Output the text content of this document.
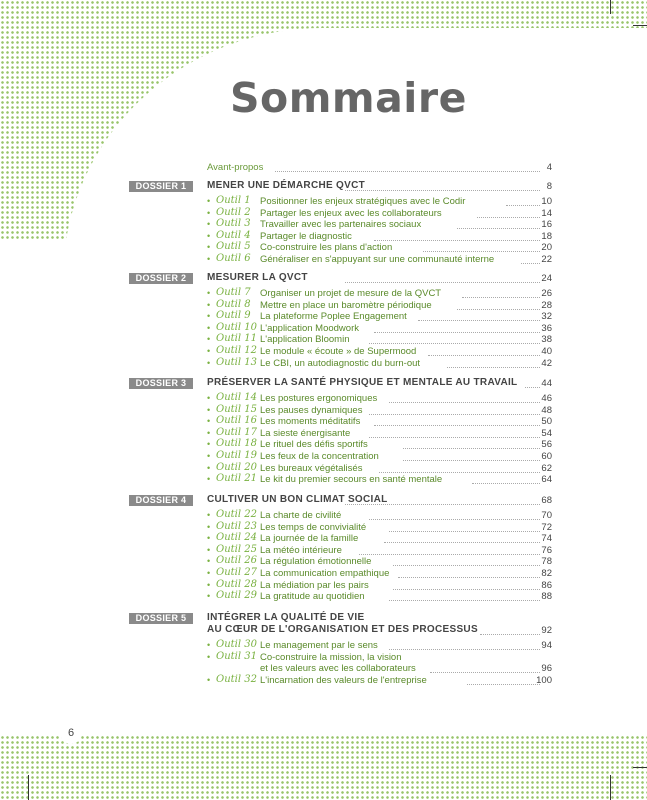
Sommaire
Avant-propos	4
DOSSIER 1	MENER UNE DÉMARCHE QVCT	8
• Outil 1 Positionner les enjeux stratégiques avec le Codir	10
• Outil 2 Partager les enjeux avec les collaborateurs	14
• Outil 3 Travailler avec les partenaires sociaux	16
• Outil 4 Partager le diagnostic	18
• Outil 5 Co-construire les plans d'action	20
• Outil 6 Généraliser en s'appuyant sur une communauté interne	22
DOSSIER 2	MESURER LA QVCT	24
• Outil 7 Organiser un projet de mesure de la QVCT	26
• Outil 8 Mettre en place un baromètre périodique	28
• Outil 9 La plateforme Poplee Engagement	32
• Outil 10 L'application Moodwork	36
• Outil 11 L'application Bloomin	38
• Outil 12 Le module « écoute » de Supermood	40
• Outil 13 Le CBI, un autodiagnostic du burn-out	42
DOSSIER 3	PRÉSERVER LA SANTÉ PHYSIQUE ET MENTALE AU TRAVAIL	44
• Outil 14 Les postures ergonomiques	46
• Outil 15 Les pauses dynamiques	48
• Outil 16 Les moments méditatifs	50
• Outil 17 La sieste énergisante	54
• Outil 18 Le rituel des défis sportifs	56
• Outil 19 Les feux de la concentration	60
• Outil 20 Les bureaux végétalisés	62
• Outil 21 Le kit du premier secours en santé mentale	64
DOSSIER 4	CULTIVER UN BON CLIMAT SOCIAL	68
• Outil 22 La charte de civilité	70
• Outil 23 Les temps de convivialité	72
• Outil 24 La journée de la famille	74
• Outil 25 La météo intérieure	76
• Outil 26 La régulation émotionnelle	78
• Outil 27 La communication empathique	82
• Outil 28 La médiation par les pairs	86
• Outil 29 La gratitude au quotidien	88
DOSSIER 5	INTÉGRER LA QUALITÉ DE VIE
AU CŒUR DE L'ORGANISATION ET DES PROCESSUS	92
• Outil 30 Le management par le sens	94
• Outil 31 Co-construire la mission, la vision
et les valeurs avec les collaborateurs	96
• Outil 32 L'incarnation des valeurs de l'entreprise	100
6
